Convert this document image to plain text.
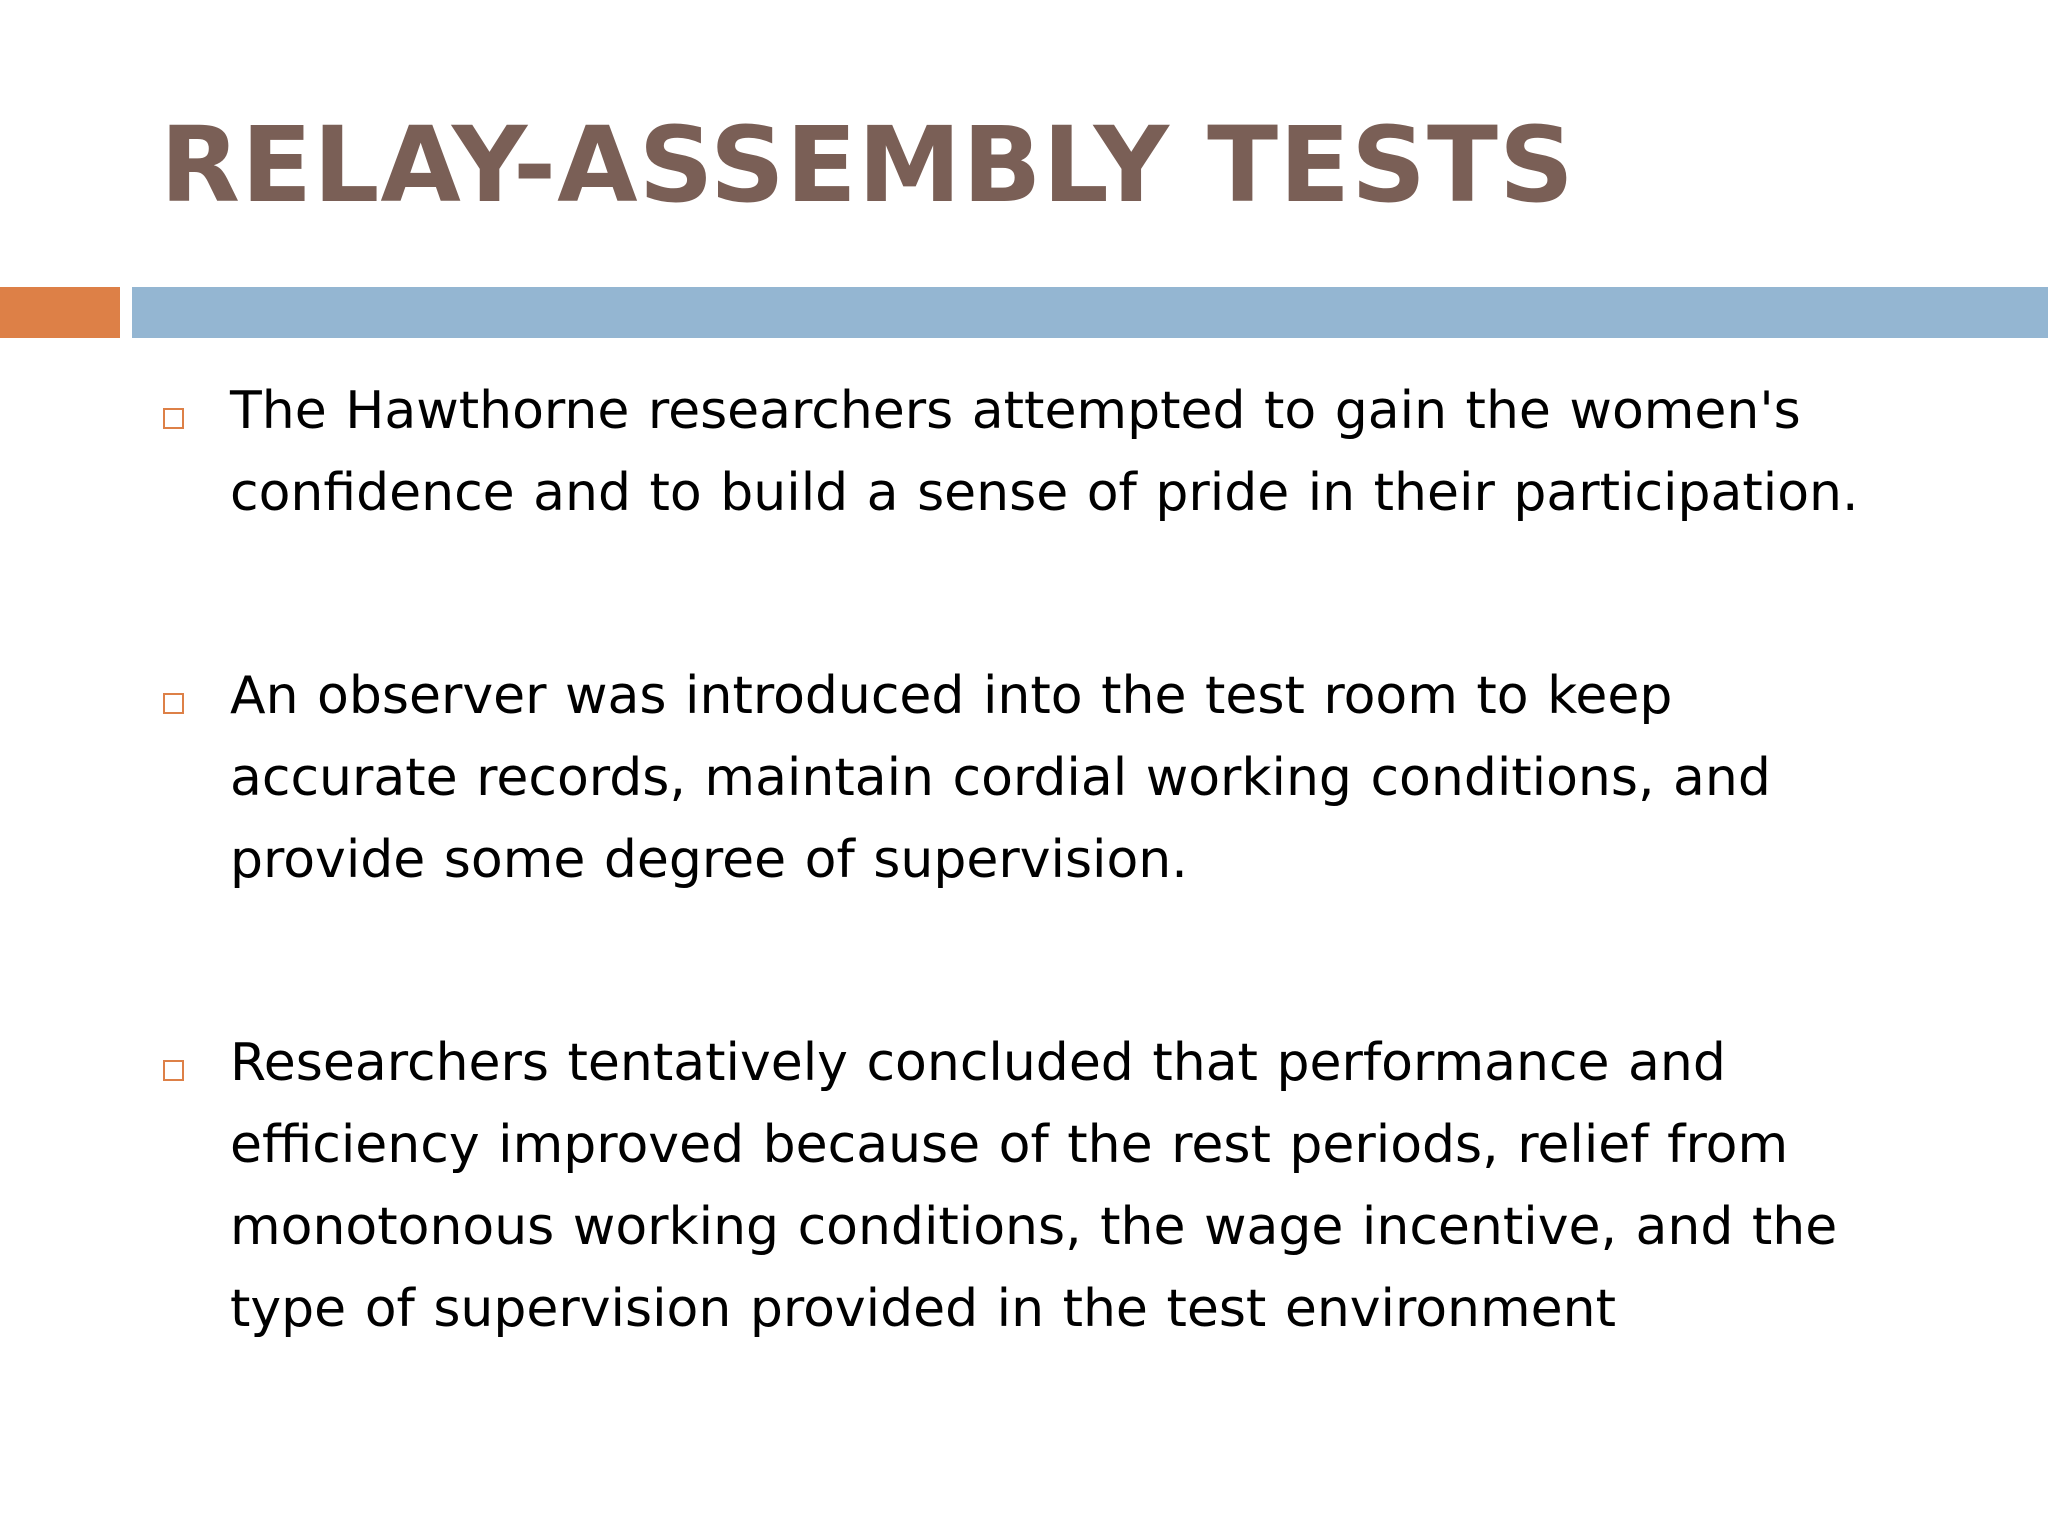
RELAY-ASSEMBLY TESTS
The Hawthorne researchers attempted to gain the women's
confidence and to build a sense of pride in their participation.
An observer was introduced into the test room to keep
accurate records, maintain cordial working conditions, and
provide some degree of supervision.
Researchers tentatively concluded that performance and
efficiency improved because of the rest periods, relief from
monotonous working conditions, the wage incentive, and the
type of supervision provided in the test environment
